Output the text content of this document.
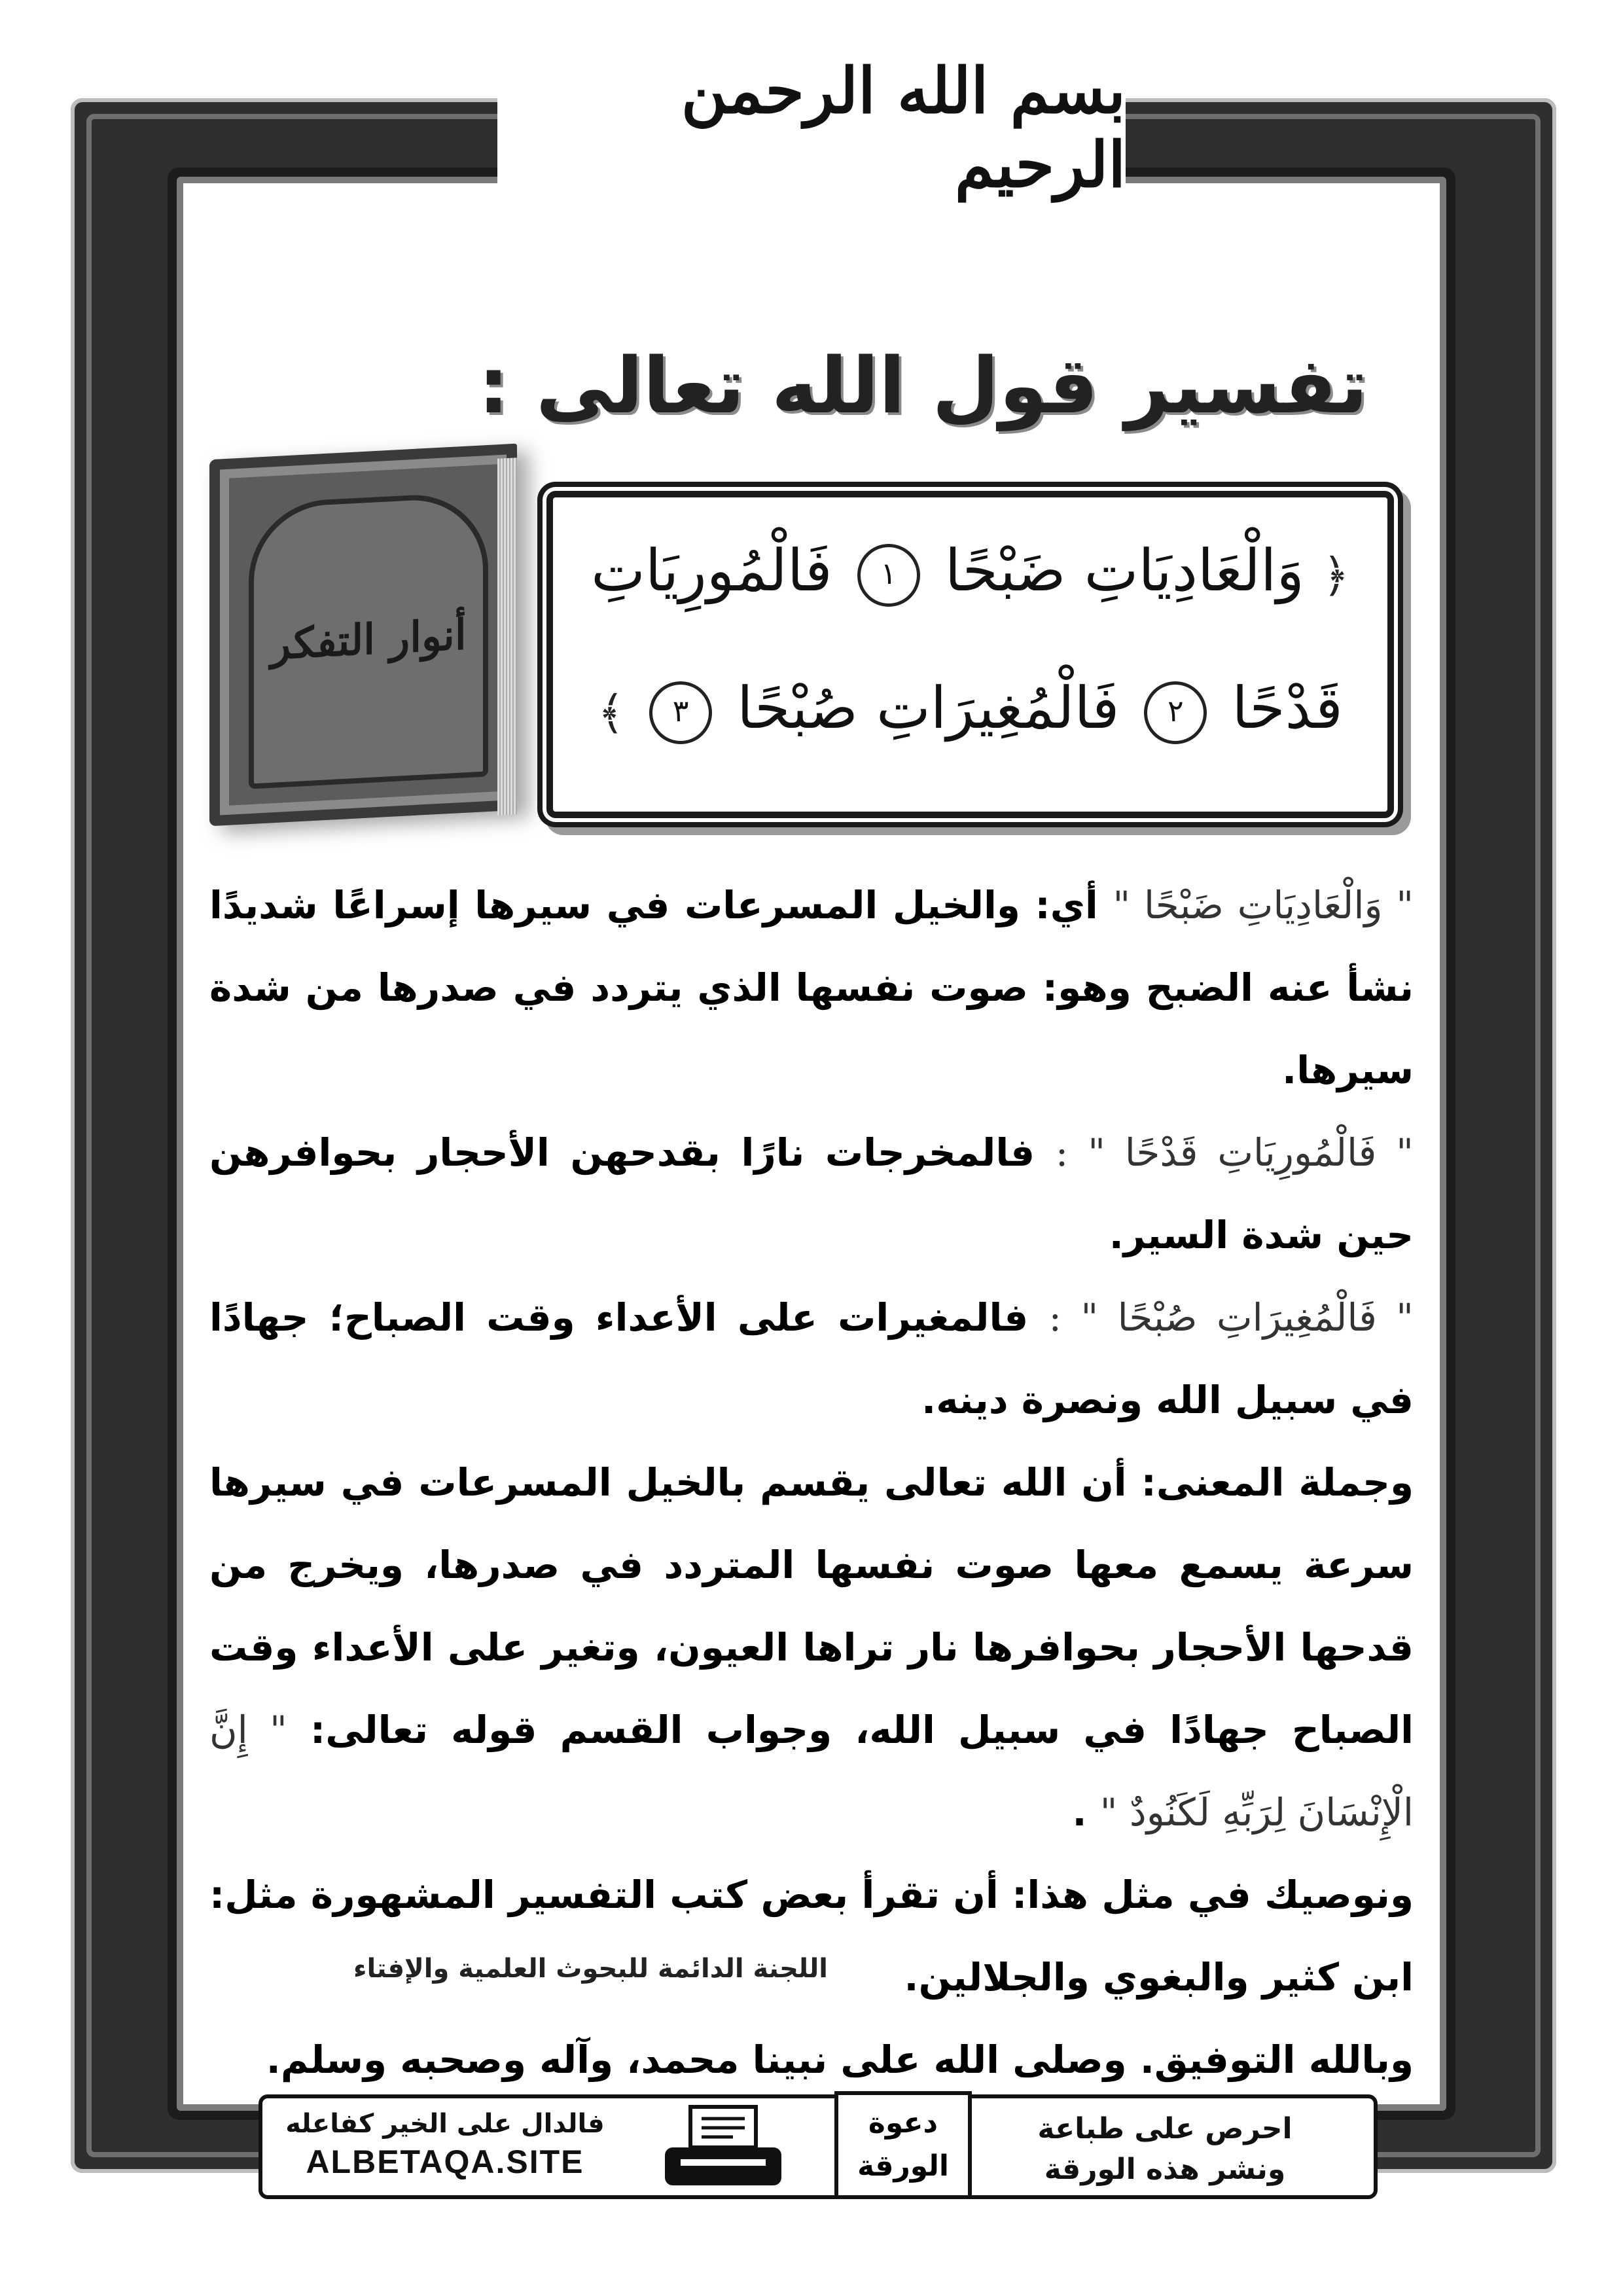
بسم الله الرحمن الرحيم
تفسير قول الله تعالى :
أنوار التفكر
﴿ وَالْعَادِيَاتِ ضَبْحًا ١ فَالْمُورِيَاتِ
قَدْحًا ٢ فَالْمُغِيرَاتِ صُبْحًا ٣ ﴾

" وَالْعَادِيَاتِ ضَبْحًا " أي: والخيل المسرعات في سيرها إسراعًا شديدًا نشأ عنه الضبح وهو: صوت نفسها الذي يتردد في صدرها من شدة سيرها.

" فَالْمُورِيَاتِ قَدْحًا " : فالمخرجات نارًا بقدحهن الأحجار بحوافرهن حين شدة السير.

" فَالْمُغِيرَاتِ صُبْحًا " : فالمغيرات على الأعداء وقت الصباح؛ جهادًا في سبيل الله ونصرة دينه.

وجملة المعنى: أن الله تعالى يقسم بالخيل المسرعات في سيرها سرعة يسمع معها صوت نفسها المتردد في صدرها، ويخرج من قدحها الأحجار بحوافرها نار تراها العيون، وتغير على الأعداء وقت الصباح جهادًا في سبيل الله، وجواب القسم قوله تعالى: " إِنَّ الْإِنْسَانَ لِرَبِّهِ لَكَنُودٌ " .

ونوصيك في مثل هذا: أن تقرأ بعض كتب التفسير المشهورة مثل: ابن كثير والبغوي والجلالين.

وبالله التوفيق. وصلى الله على نبينا محمد، وآله وصحبه وسلم.

اللجنة الدائمة للبحوث العلمية والإفتاء
فالدال على الخير كفاعله
ALBETAQA.SITE
دعوة
الورقة
احرص على طباعة
ونشر هذه الورقة
